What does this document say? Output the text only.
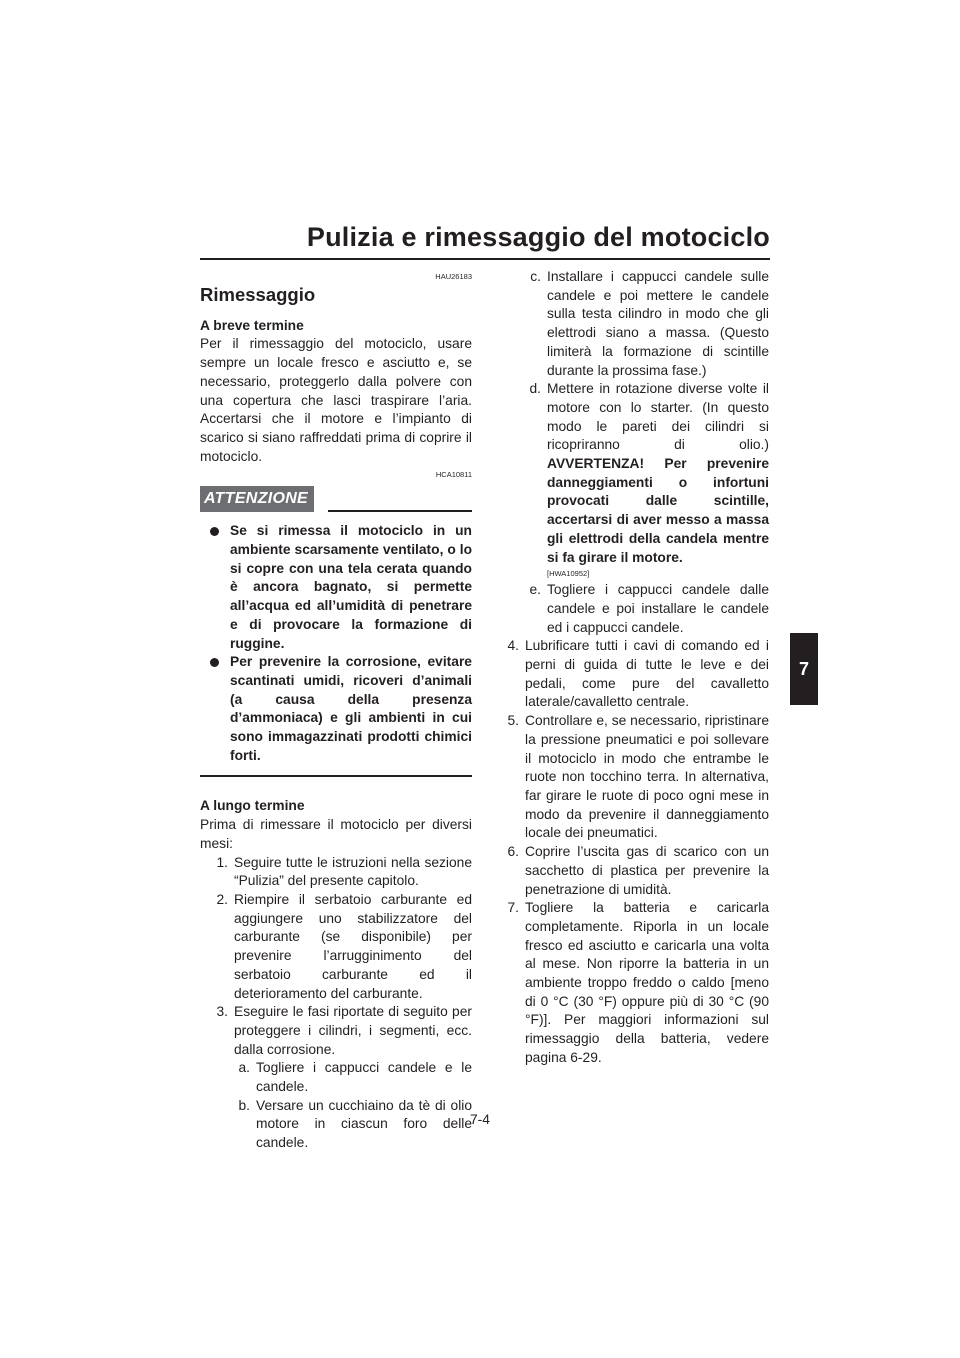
Pulizia e rimessaggio del motociclo
7
HAU26183
Rimessaggio
A breve termine

Per il rimessaggio del motociclo, usare sempre un locale fresco e asciutto e, se necessario, proteggerlo dalla polvere con una copertura che lasci traspirare l’aria. Accertarsi che il motore e l’impianto di scarico si siano raffreddati prima di coprire il motociclo.

HCA10811
ATTENZIONE
Se si rimessa il motociclo in un ambiente scarsamente ventilato, o lo si copre con una tela cerata quando è ancora bagnato, si permette all’acqua ed all’umidità di penetrare e di provocare la formazione di ruggine.
Per prevenire la corrosione, evitare scantinati umidi, ricoveri d’animali (a causa della presenza d’ammoniaca) e gli ambienti in cui sono immagazzinati prodotti chimici forti.
A lungo termine

Prima di rimessare il motociclo per diversi mesi:

1. Seguire tutte le istruzioni nella sezione “Pulizia” del presente capitolo.
2. Riempire il serbatoio carburante ed aggiungere uno stabilizzatore del carburante (se disponibile) per prevenire l’arrugginimento del serbatoio carburante ed il deterioramento del carburante.
3. Eseguire le fasi riportate di seguito per proteggere i cilindri, i segmenti, ecc. dalla corrosione.
a. Togliere i cappucci candele e le candele.
b. Versare un cucchiaino da tè di olio motore in ciascun foro delle candele.
c. Installare i cappucci candele sulle candele e poi mettere le candele sulla testa cilindro in modo che gli elettrodi siano a massa. (Questo limiterà la formazione di scintille durante la prossima fase.)
d. Mettere in rotazione diverse volte il motore con lo starter. (In questo modo le pareti dei cilindri si ricopriranno di olio.) AVVERTENZA! Per prevenire danneggiamenti o infortuni provocati dalle scintille, accertarsi di aver messo a massa gli elettrodi della candela mentre si fa girare il motore.
[HWA10952]
e. Togliere i cappucci candele dalle candele e poi installare le candele ed i cappucci candele.
4. Lubrificare tutti i cavi di comando ed i perni di guida di tutte le leve e dei pedali, come pure del cavalletto laterale/cavalletto centrale.
5. Controllare e, se necessario, ripristinare la pressione pneumatici e poi sollevare il motociclo in modo che entrambe le ruote non tocchino terra. In alternativa, far girare le ruote di poco ogni mese in modo da prevenire il danneggiamento locale dei pneumatici.
6. Coprire l’uscita gas di scarico con un sacchetto di plastica per prevenire la penetrazione di umidità.
7. Togliere la batteria e caricarla completamente. Riporla in un locale fresco ed asciutto e caricarla una volta al mese. Non riporre la batteria in un ambiente troppo freddo o caldo [meno di 0 °C (30 °F) oppure più di 30 °C (90 °F)]. Per maggiori informazioni sul rimessaggio della batteria, vedere pagina 6-29.
7-4
